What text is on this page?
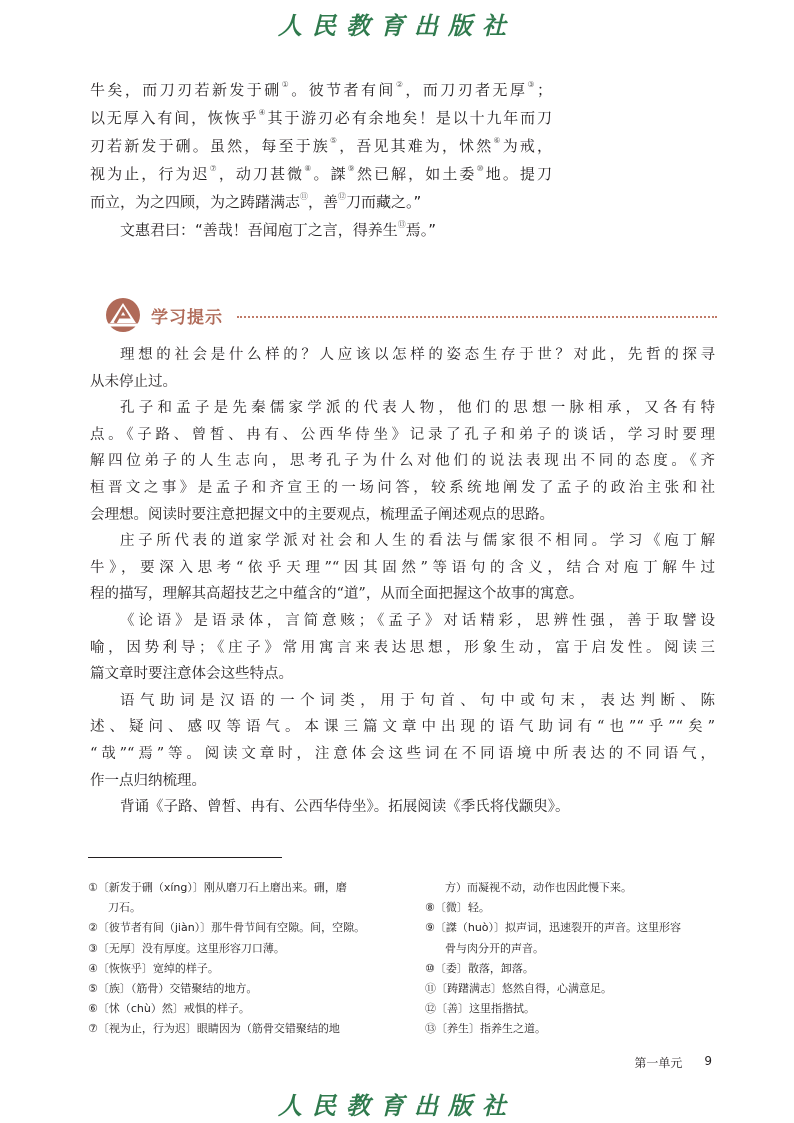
人民教育出版社
牛矣，而刀刃若新发于硎①。彼节者有间②，而刀刃者无厚③；
以无厚入有间，恢恢乎④其于游刃必有余地矣！是以十九年而刀
刃若新发于硎。虽然，每至于族⑤，吾见其难为，怵然⑥为戒，
视为止，行为迟⑦，动刀甚微⑧。謋⑨然已解，如土委⑩地。提刀
而立，为之四顾，为之踌躇满志⑪，善⑫刀而藏之。”
文惠君曰：“善哉！吾闻庖丁之言，得养生⑬焉。”
学习提示
理想的社会是什么样的？人应该以怎样的姿态生存于世？对此，先哲的探寻
从未停止过。
孔子和孟子是先秦儒家学派的代表人物，他们的思想一脉相承，又各有特
点。《子路、曾皙、冉有、公西华侍坐》记录了孔子和弟子的谈话，学习时要理
解四位弟子的人生志向，思考孔子为什么对他们的说法表现出不同的态度。《齐
桓晋文之事》是孟子和齐宣王的一场问答，较系统地阐发了孟子的政治主张和社
会理想。阅读时要注意把握文中的主要观点，梳理孟子阐述观点的思路。
庄子所代表的道家学派对社会和人生的看法与儒家很不相同。学习《庖丁解
牛》，要深入思考“依乎天理”“因其固然”等语句的含义，结合对庖丁解牛过
程的描写，理解其高超技艺之中蕴含的“道”，从而全面把握这个故事的寓意。
《论语》是语录体，言简意赅；《孟子》对话精彩，思辨性强，善于取譬设
喻，因势利导；《庄子》常用寓言来表达思想，形象生动，富于启发性。阅读三
篇文章时要注意体会这些特点。
语气助词是汉语的一个词类，用于句首、句中或句末，表达判断、陈
述、疑问、感叹等语气。本课三篇文章中出现的语气助词有“也”“乎”“矣”
“哉”“焉”等。阅读文章时，注意体会这些词在不同语境中所表达的不同语气，
作一点归纳梳理。
背诵《子路、曾皙、冉有、公西华侍坐》。拓展阅读《季氏将伐颛臾》。
①〔新发于硎（xíng）〕刚从磨刀石上磨出来。硎，磨
刀石。
②〔彼节者有间（jiàn）〕那牛骨节间有空隙。间，空隙。
③〔无厚〕没有厚度。这里形容刀口薄。
④〔恢恢乎〕宽绰的样子。
⑤〔族〕（筋骨）交错聚结的地方。
⑥〔怵（chù）然〕戒惧的样子。
⑦〔视为止，行为迟〕眼睛因为（筋骨交错聚结的地
方）而凝视不动，动作也因此慢下来。
⑧〔微〕轻。
⑨〔謋（huò）〕拟声词，迅速裂开的声音。这里形容
骨与肉分开的声音。
⑩〔委〕散落，卸落。
⑪〔踌躇满志〕悠然自得，心满意足。
⑫〔善〕这里指揩拭。
⑬〔养生〕指养生之道。
第一单元 9
人民教育出版社
